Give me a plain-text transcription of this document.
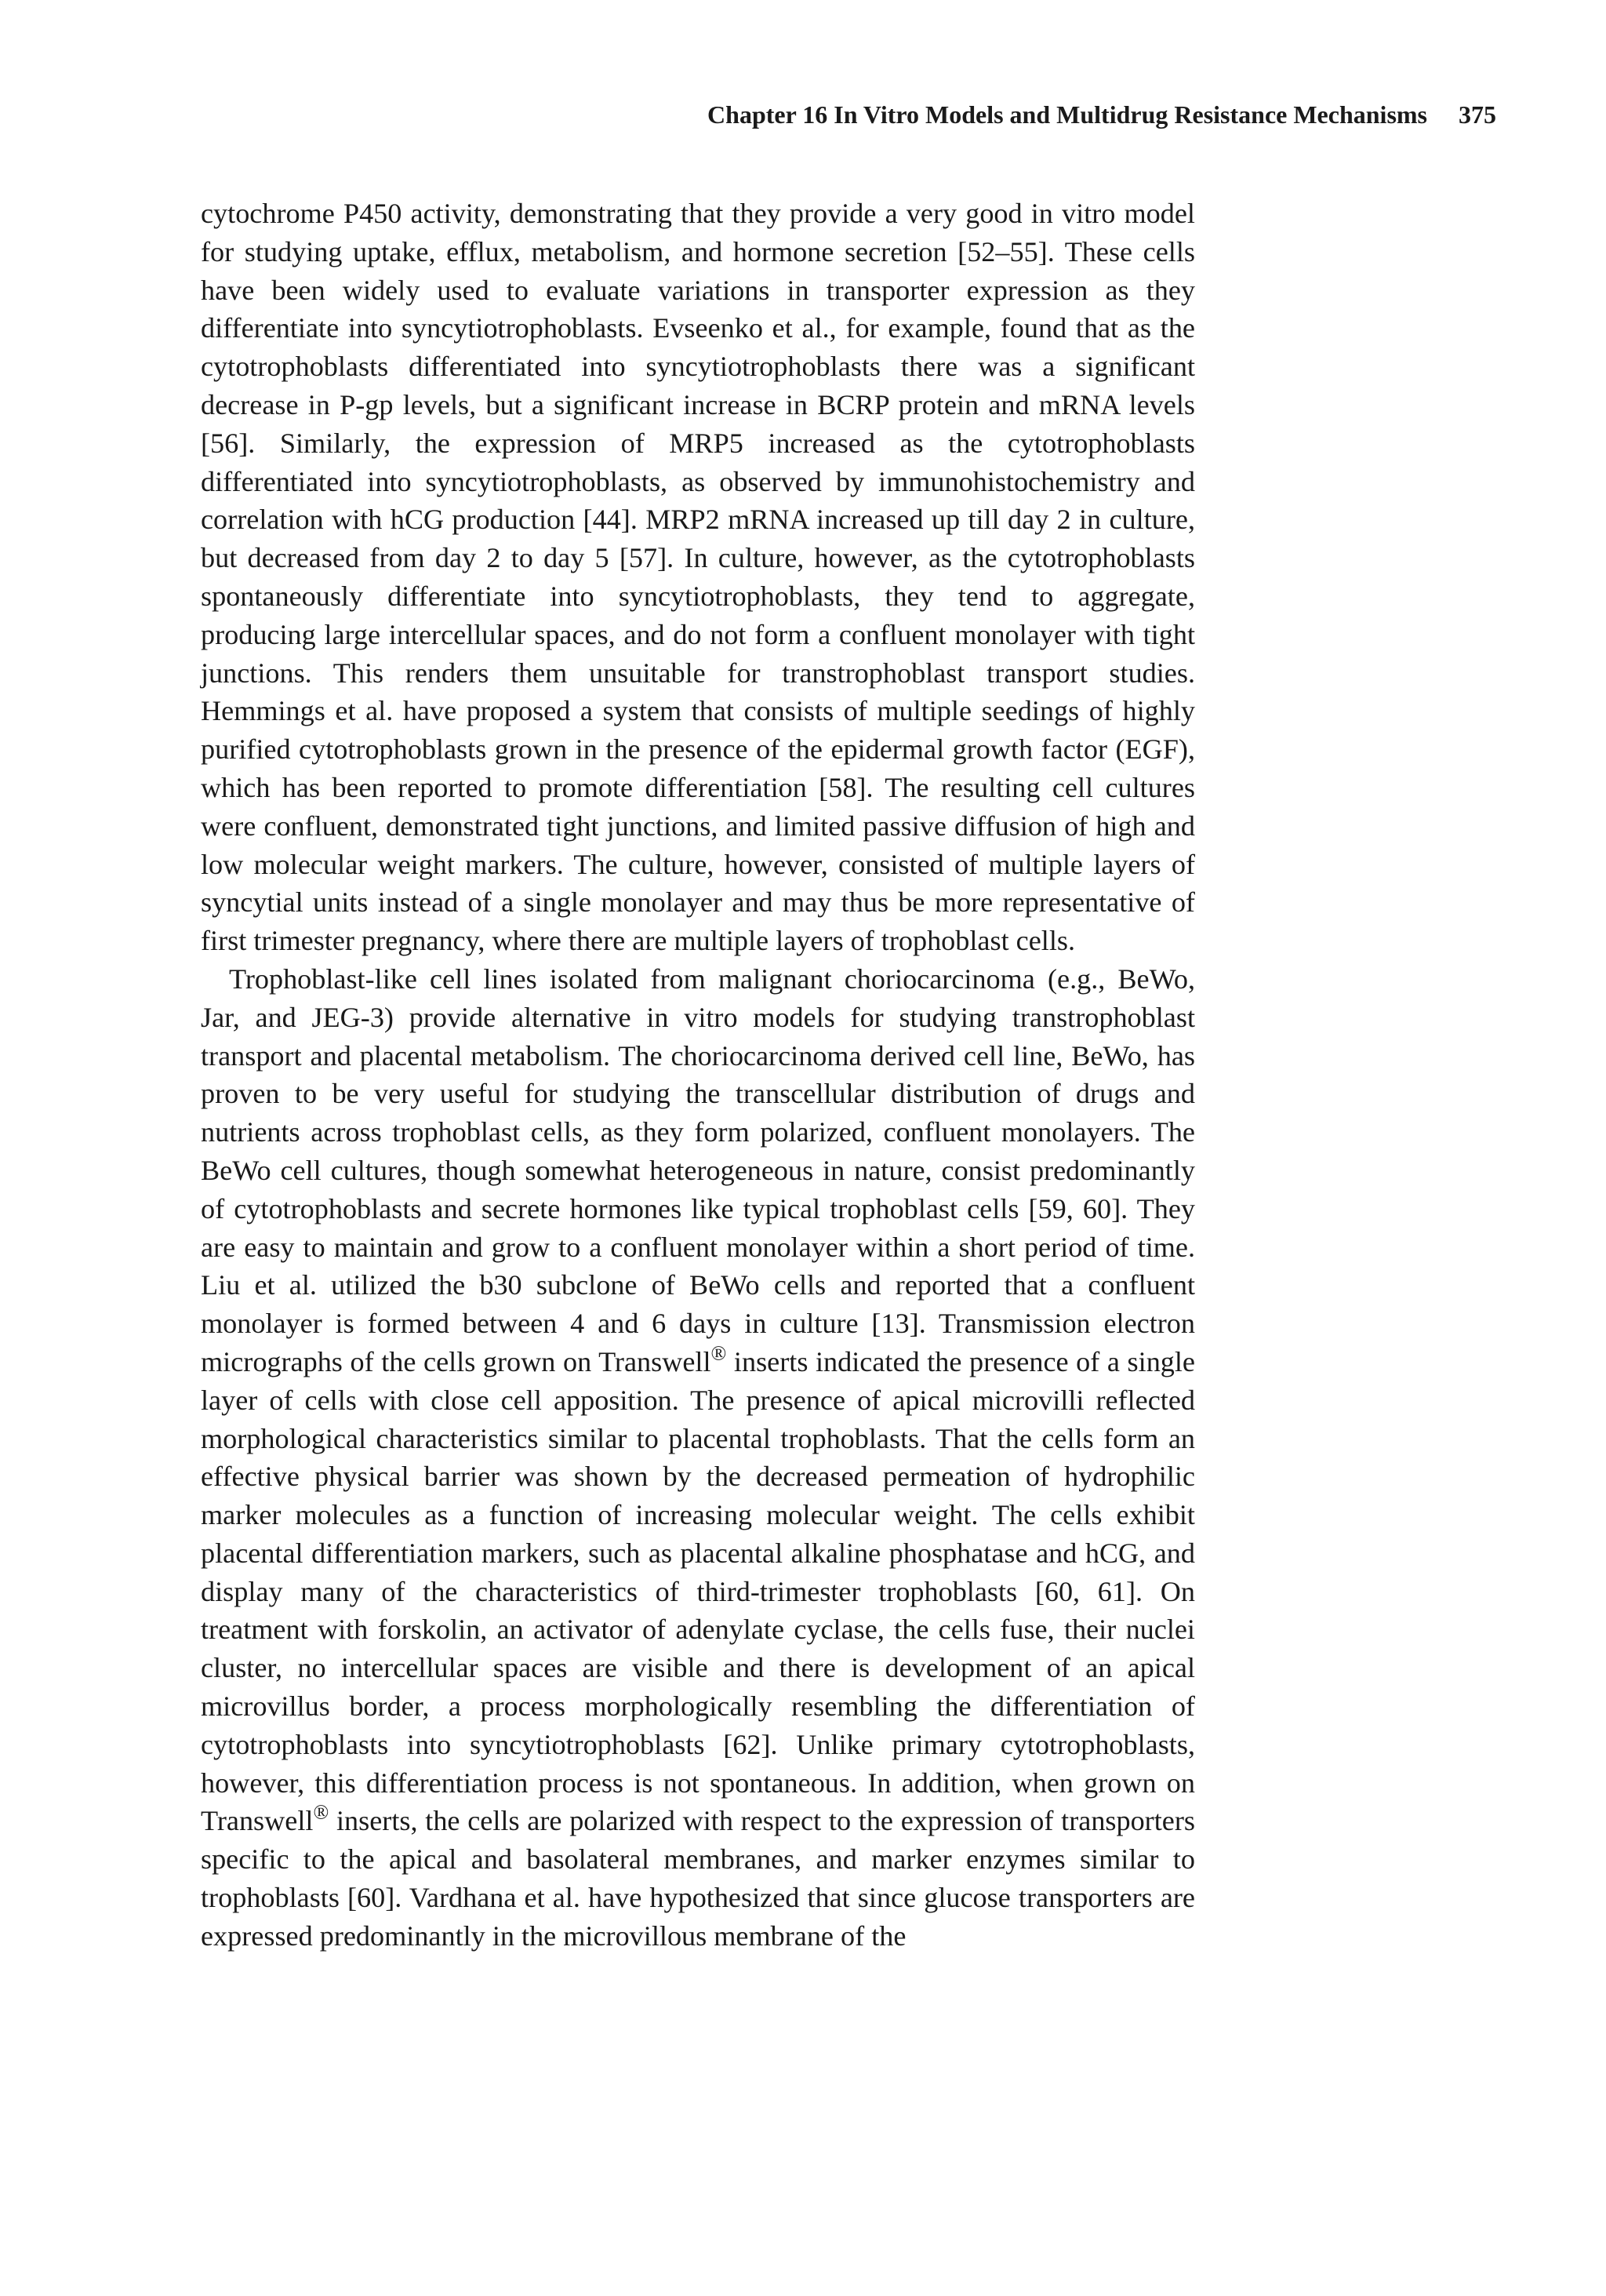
Chapter 16 In Vitro Models and Multidrug Resistance Mechanisms 375

cytochrome P450 activity, demonstrating that they provide a very good in vitro model for studying uptake, efflux, metabolism, and hormone secretion [52–55]. These cells have been widely used to evaluate variations in transporter expression as they differentiate into syncytiotrophoblasts. Evseenko et al., for example, found that as the cytotrophoblasts differentiated into syncytiotrophoblasts there was a significant decrease in P-gp levels, but a significant increase in BCRP protein and mRNA levels [56]. Similarly, the expression of MRP5 increased as the cytotrophoblasts differentiated into syncytiotrophoblasts, as observed by immunohistochemistry and correlation with hCG production [44]. MRP2 mRNA increased up till day 2 in culture, but decreased from day 2 to day 5 [57]. In culture, however, as the cytotrophoblasts spontaneously differentiate into syncytiotrophoblasts, they tend to aggregate, producing large intercellular spaces, and do not form a confluent monolayer with tight junctions. This renders them unsuitable for transtrophoblast transport studies. Hemmings et al. have proposed a system that consists of multiple seedings of highly purified cytotrophoblasts grown in the presence of the epidermal growth factor (EGF), which has been reported to promote differentiation [58]. The resulting cell cultures were confluent, demonstrated tight junctions, and limited passive diffusion of high and low molecular weight markers. The culture, however, consisted of multiple layers of syncytial units instead of a single monolayer and may thus be more representative of first trimester pregnancy, where there are multiple layers of trophoblast cells.

Trophoblast-like cell lines isolated from malignant choriocarcinoma (e.g., BeWo, Jar, and JEG-3) provide alternative in vitro models for studying transtrophoblast transport and placental metabolism. The choriocarcinoma derived cell line, BeWo, has proven to be very useful for studying the transcellular distribution of drugs and nutrients across trophoblast cells, as they form polarized, confluent monolayers. The BeWo cell cultures, though somewhat heterogeneous in nature, consist predominantly of cytotrophoblasts and secrete hormones like typical trophoblast cells [59, 60]. They are easy to maintain and grow to a confluent monolayer within a short period of time. Liu et al. utilized the b30 subclone of BeWo cells and reported that a confluent monolayer is formed between 4 and 6 days in culture [13]. Transmission electron micrographs of the cells grown on Transwell® inserts indicated the presence of a single layer of cells with close cell apposition. The presence of apical microvilli reflected morphological characteristics similar to placental trophoblasts. That the cells form an effective physical barrier was shown by the decreased permeation of hydrophilic marker molecules as a function of increasing molecular weight. The cells exhibit placental differentiation markers, such as placental alkaline phosphatase and hCG, and display many of the characteristics of third-trimester trophoblasts [60, 61]. On treatment with forskolin, an activator of adenylate cyclase, the cells fuse, their nuclei cluster, no intercellular spaces are visible and there is development of an apical microvillus border, a process morphologically resembling the differentiation of cytotrophoblasts into syncytiotrophoblasts [62]. Unlike primary cytotrophoblasts, however, this differentiation process is not spontaneous. In addition, when grown on Transwell® inserts, the cells are polarized with respect to the expression of transporters specific to the apical and basolateral membranes, and marker enzymes similar to trophoblasts [60]. Vardhana et al. have hypothesized that since glucose transporters are expressed predominantly in the microvillous membrane of the
